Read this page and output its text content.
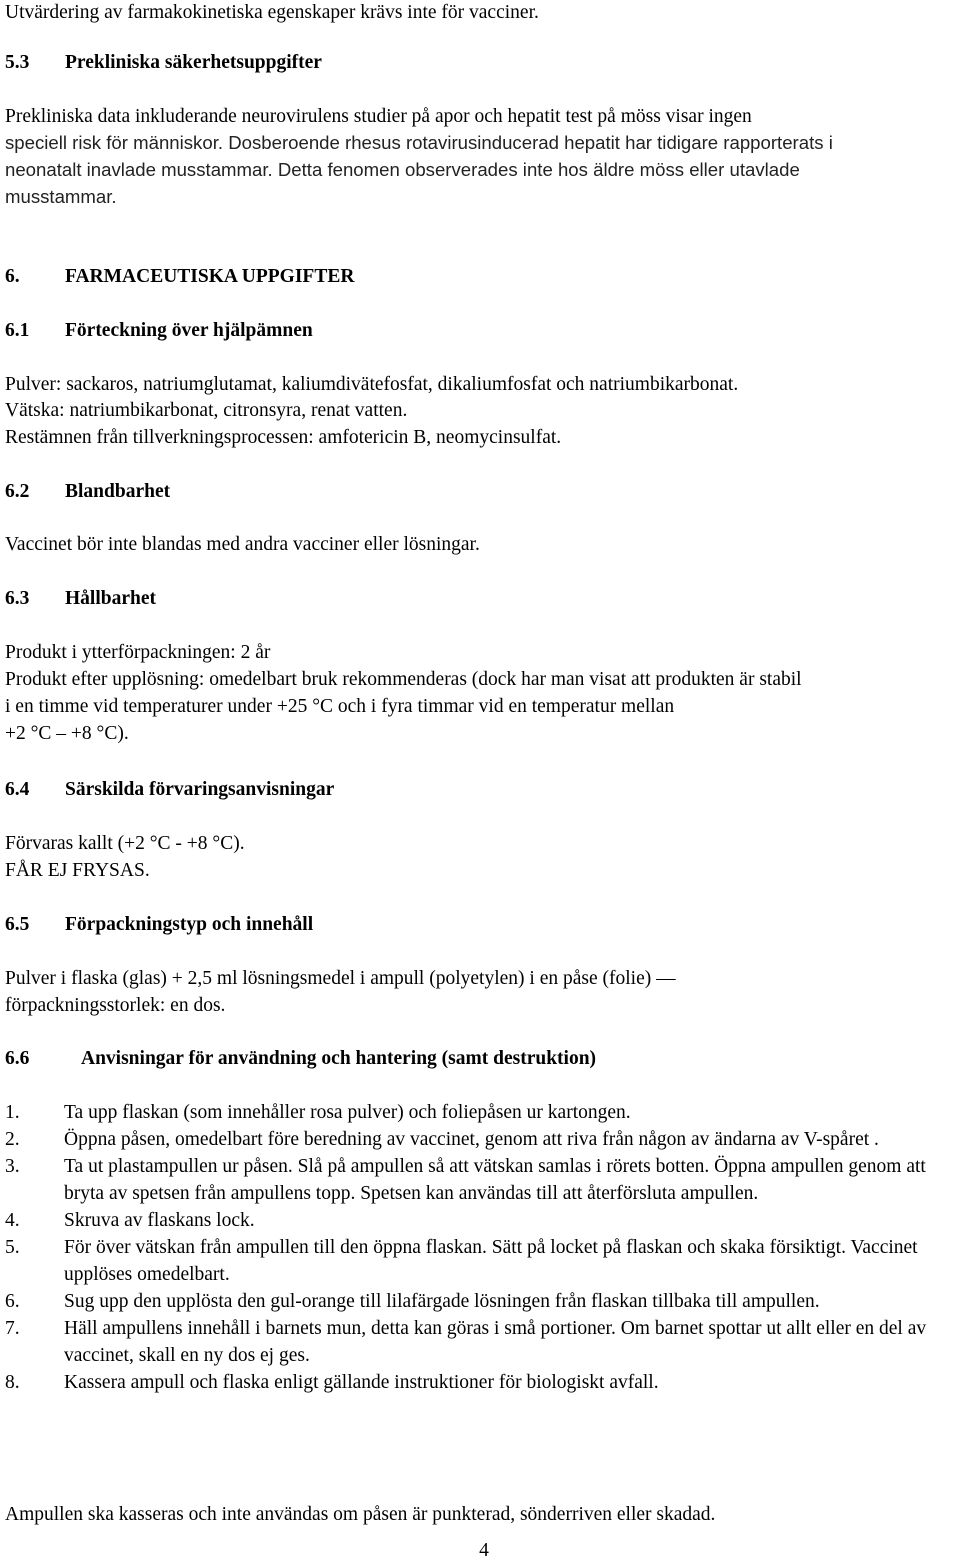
Utvärdering av farmakokinetiska egenskaper krävs inte för vacciner.

5.3 Prekliniska säkerhetsuppgifter

Prekliniska data inkluderande neurovirulens studier på apor och hepatit test på möss visar ingen

speciell risk för människor. Dosberoende rhesus rotavirusinducerad hepatit har tidigare rapporterats i

neonatalt inavlade musstammar. Detta fenomen observerades inte hos äldre möss eller utavlade

musstammar.

6. FARMACEUTISKA UPPGIFTER
6.1 Förteckning över hjälpämnen

Pulver: sackaros, natriumglutamat, kaliumdivätefosfat, dikaliumfosfat och natriumbikarbonat.

Vätska: natriumbikarbonat, citronsyra, renat vatten.

Restämnen från tillverkningsprocessen: amfotericin B, neomycinsulfat.

6.2 Blandbarhet

Vaccinet bör inte blandas med andra vacciner eller lösningar.

6.3 Hållbarhet

Produkt i ytterförpackningen: 2 år

Produkt efter upplösning: omedelbart bruk rekommenderas (dock har man visat att produkten är stabil

i en timme vid temperaturer under +25 °C och i fyra timmar vid en temperatur mellan

+2 °C – +8 °C).

6.4 Särskilda förvaringsanvisningar

Förvaras kallt (+2 °C - +8 °C).

FÅR EJ FRYSAS.

6.5 Förpackningstyp och innehåll

Pulver i flaska (glas) + 2,5 ml lösningsmedel i ampull (polyetylen) i en påse (folie) —

förpackningsstorlek: en dos.

6.6	Anvisningar för användning och hantering (samt destruktion)
1. Ta upp flaskan (som innehåller rosa pulver) och foliepåsen ur kartongen.
2. Öppna påsen, omedelbart före beredning av vaccinet, genom att riva från någon av ändarna av V-spåret .
3. Ta ut plastampullen ur påsen. Slå på ampullen så att vätskan samlas i rörets botten. Öppna ampullen genom att bryta av spetsen från ampullens topp. Spetsen kan användas till att återförsluta ampullen.
4. Skruva av flaskans lock.
5. För över vätskan från ampullen till den öppna flaskan. Sätt på locket på flaskan och skaka försiktigt. Vaccinet upplöses omedelbart.
6. Sug upp den upplösta den gul-orange till lilafärgade lösningen från flaskan tillbaka till ampullen.
7. Häll ampullens innehåll i barnets mun, detta kan göras i små portioner. Om barnet spottar ut allt eller en del av vaccinet, skall en ny dos ej ges.
8. Kassera ampull och flaska enligt gällande instruktioner för biologiskt avfall.

Ampullen ska kasseras och inte användas om påsen är punkterad, sönderriven eller skadad.

4
